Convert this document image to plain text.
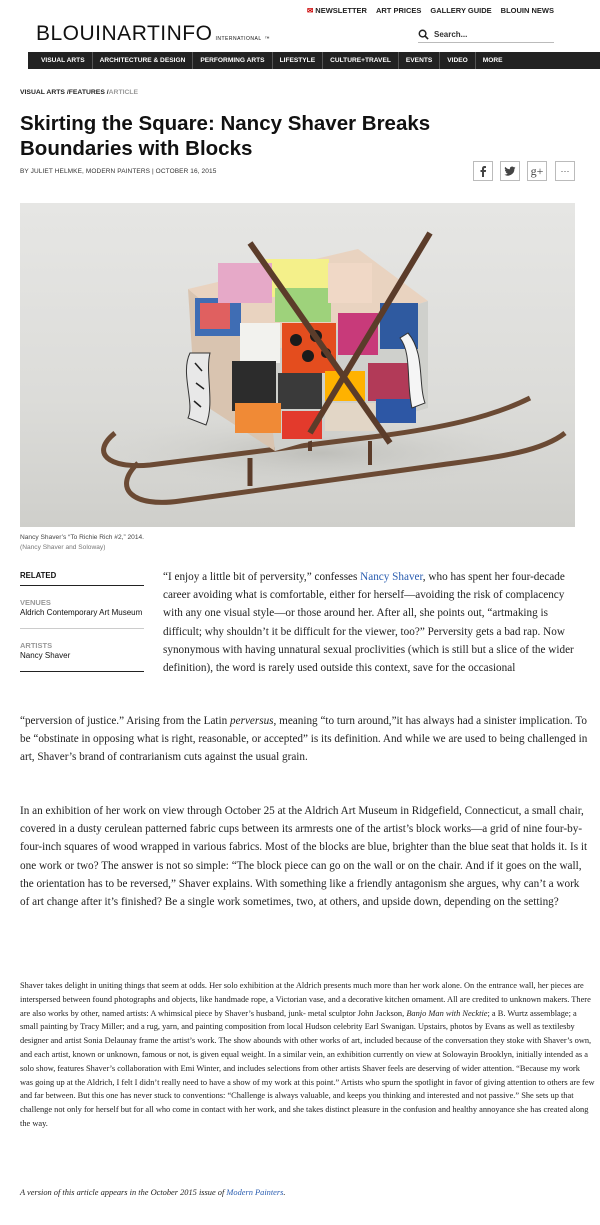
BLOUINARTINFO INTERNATIONAL ™
✉ NEWSLETTER ART PRICES GALLERY GUIDE BLOUIN NEWS
Search...
VISUAL ARTS	ARCHITECTURE & DESIGN	PERFORMING ARTS	LIFESTYLE	CULTURE+TRAVEL	EVENTS	VIDEO	MORE
VISUAL ARTS /FEATURES /ARTICLE
Skirting the Square: Nancy Shaver Breaks Boundaries with Blocks
BY JULIET HELMKE, MODERN PAINTERS | OCTOBER 16, 2015	g+ ···
Nancy Shaver’s “To Richie Rich #2,” 2014.
(Nancy Shaver and Soloway)
RELATED
VENUES
Aldrich Contemporary Art Museum
ARTISTS
Nancy Shaver

“I enjoy a little bit of perversity,” confesses Nancy Shaver, who has spent her four-decade career avoiding what is comfortable, either for herself—avoiding the risk of complacency with any one visual style—or those around her. After all, she points out, “artmaking is difficult; why shouldn’t it be difficult for the viewer, too?” Perversity gets a bad rap. Now synonymous with having unnatural sexual proclivities (which is still but a slice of the wider definition), the word is rarely used outside this context, save for the occasional

“perversion of justice.” Arising from the Latin perversus, meaning “to turn around,”it has always had a sinister implication. To be “obstinate in opposing what is right, reasonable, or accepted” is its definition. And while we are used to being challenged in art, Shaver’s brand of contrarianism cuts against the usual grain.

In an exhibition of her work on view through October 25 at the Aldrich Art Museum in Ridgefield, Connecticut, a small chair, covered in a dusty cerulean patterned fabric cups between its armrests one of the artist’s block works—a grid of nine four-by-four-inch squares of wood wrapped in various fabrics. Most of the blocks are blue, brighter than the blue seat that holds it. Is it one work or two? The answer is not so simple: “The block piece can go on the wall or on the chair. And if it goes on the wall, the orientation has to be reversed,” Shaver explains. With something like a friendly antagonism she argues, why can’t a work of art change after it’s finished? Be a single work sometimes, two, at others, and upside down, depending on the setting?

Shaver takes delight in uniting things that seem at odds. Her solo exhibition at the Aldrich presents much more than her work alone. On the entrance wall, her pieces are interspersed between found photographs and objects, like handmade rope, a Victorian vase, and a decorative kitchen ornament. All are credited to unknown makers. There are also works by other, named artists: A whimsical piece by Shaver’s husband, junk- metal sculptor John Jackson, Banjo Man with Necktie; a B. Wurtz assemblage; a small painting by Tracy Miller; and a rug, yarn, and painting composition from local Hudson celebrity Earl Swanigan. Upstairs, photos by Evans as well as textilesby designer and artist Sonia Delaunay frame the artist’s work. The show abounds with other works of art, included because of the conversation they stoke with Shaver’s own, and each artist, known or unknown, famous or not, is given equal weight. In a similar vein, an exhibition currently on view at Solowayin Brooklyn, initially intended as a solo show, features Shaver’s collaboration with Emi Winter, and includes selections from other artists Shaver feels are deserving of wider attention. “Because my work was going up at the Aldrich, I felt I didn’t really need to have a show of my work at this point.” Artists who spurn the spotlight in favor of giving attention to others are few and far between. But this one has never stuck to conventions: “Challenge is always valuable, and keeps you thinking and interested and not passive.” She sets up that challenge not only for herself but for all who come in contact with her work, and she takes distinct pleasure in the confusion and healthy annoyance she has created along the way.

A version of this article appears in the October 2015 issue of Modern Painters.
